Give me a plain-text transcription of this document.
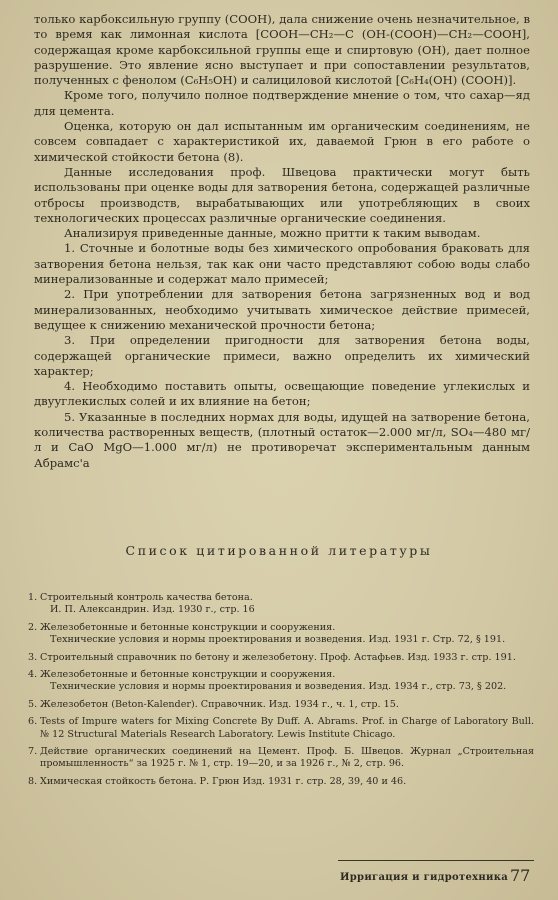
только карбоксильную группу (COOH), дала снижение очень незначительное, в то время как лимонная кислота [COOH—CH₂—C (OH-(COOH)—CH₂—COOH], содержащая кроме карбоксильной группы еще и спиртовую (OH), дает полное разрушение. Это явление ясно выступает и при сопоставлении результатов, полученных с фенолом (C₆H₅OH) и салициловой кислотой [C₆H₄(OH) (COOH)].

Кроме того, получило полное подтверждение мнение о том, что сахар—яд для цемента.

Оценка, которую он дал испытанным им органическим соединениям, не совсем совпадает с характеристикой их, даваемой Грюн в его работе о химической стойкости бетона (8).

Данные исследования проф. Швецова практически могут быть использованы при оценке воды для затворения бетона, содержащей различные отбросы производств, вырабатывающих или употребляющих в своих технологических процессах различные органические соединения.

Анализируя приведенные данные, можно притти к таким выводам.

1. Сточные и болотные воды без химического опробования браковать для затворения бетона нельзя, так как они часто представляют собою воды слабо минерализованные и содержат мало примесей;

2. При употреблении для затворения бетона загрязненных вод и вод минерализованных, необходимо учитывать химическое действие примесей, ведущее к снижению механической прочности бетона;

3. При определении пригодности для затворения бетона воды, содержащей органические примеси, важно определить их химический характер;

4. Необходимо поставить опыты, освещающие поведение углекислых и двууглекислых солей и их влияние на бетон;

5. Указанные в последних нормах для воды, идущей на затворение бетона, количества растворенных веществ, (плотный остаток—2.000 мг/л, SO₄—480 мг/л и CaO MgO—1.000 мг/л) не противоречат экспериментальным данным Абрамс'а

Список цитированной литературы
1. Строительный контроль качества бетона.
И. П. Александрин. Изд. 1930 г., стр. 16
2. Железобетонные и бетонные конструкции и сооружения.
Технические условия и нормы проектирования и возведения. Изд. 1931 г. Стр. 72, § 191.
3. Строительный справочник по бетону и железобетону. Проф. Астафьев. Изд. 1933 г. стр. 191.
4. Железобетонные и бетонные конструкции и сооружения.
Технические условия и нормы проектирования и возведения. Изд. 1934 г., стр. 73, § 202.
5. Железобетон (Beton-Kalender). Справочник. Изд. 1934 г., ч. 1, стр. 15.
6. Tests of Impure waters for Mixing Concrete By Duff. A. Abrams. Prof. in Charge of Laboratory Bull. № 12 Structural Materials Research Laboratory. Lewis Institute Chicago.
7. Действие органических соединений на Цемент. Проф. Б. Швецов. Журнал „Строительная промышленность“ за 1925 г. № 1, стр. 19—20, и за 1926 г., № 2, стр. 96.
8. Химическая стойкость бетона. Р. Грюн Изд. 1931 г. стр. 28, 39, 40 и 46.
Ирригация и гидротехника 77
